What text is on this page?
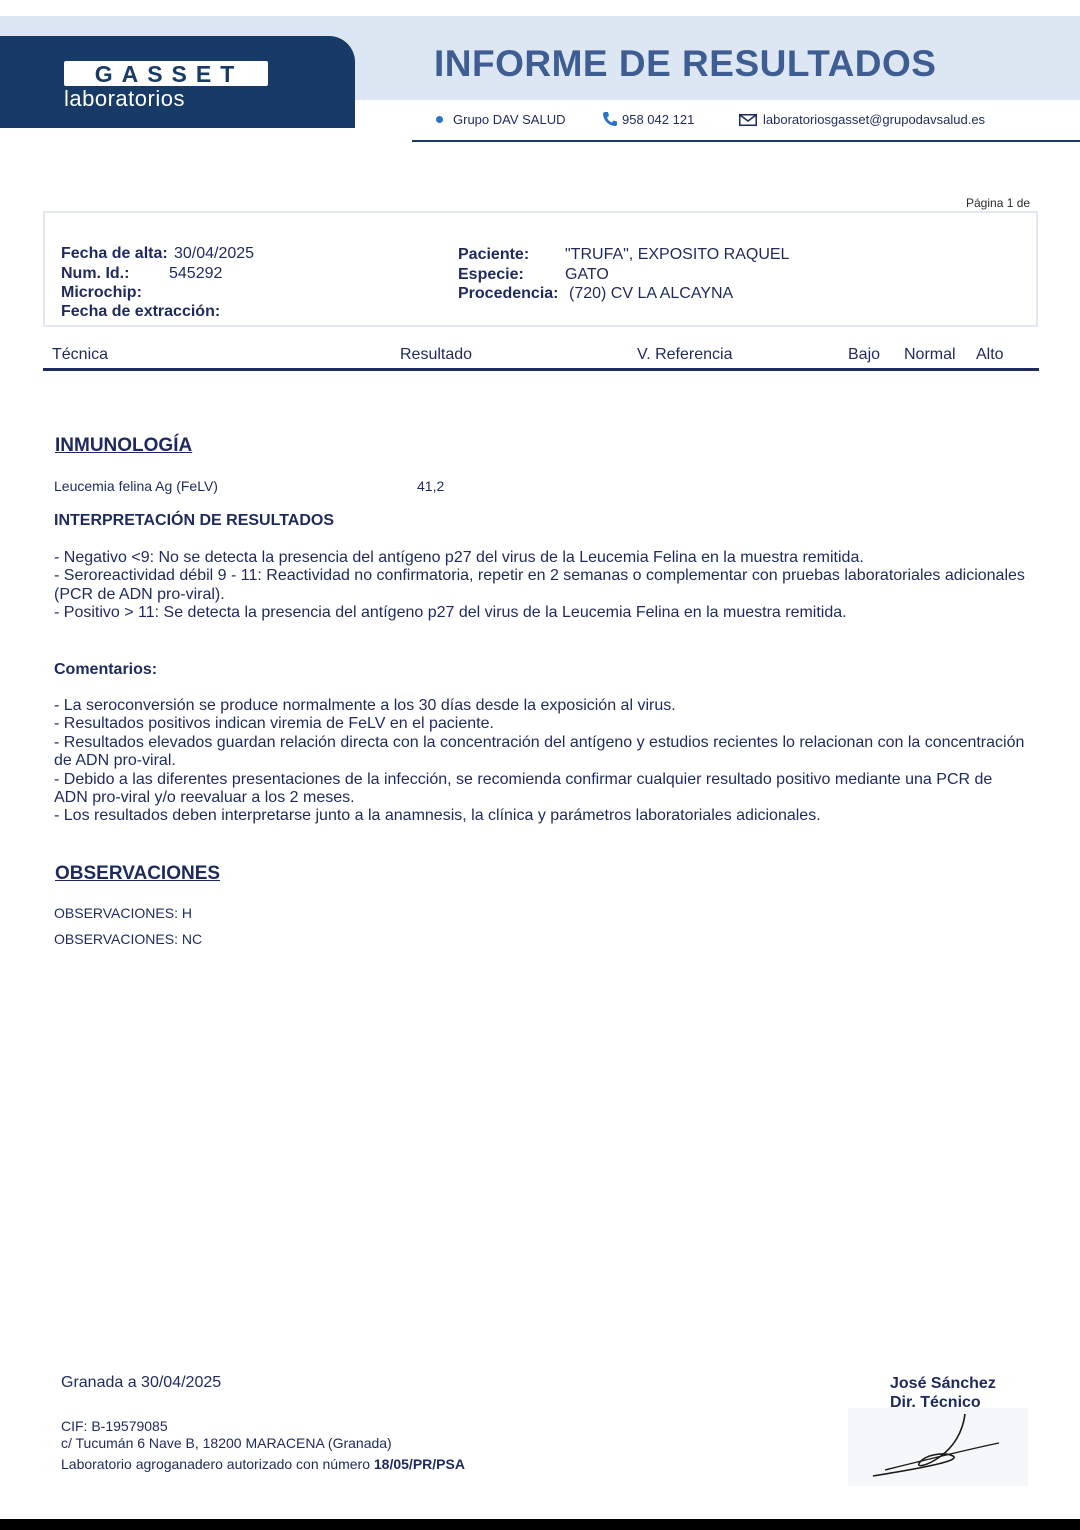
GASSET
laboratorios
INFORME DE RESULTADOS
Grupo DAV SALUD	958 042 121	laboratoriosgasset@grupodavsalud.es
Página 1 de
Fecha de alta: 30/04/2025
Num. Id.: 545292
Microchip:
Fecha de extracción:
Paciente: "TRUFA", EXPOSITO RAQUEL
Especie:	GATO
Procedencia: (720) CV LA ALCAYNA
Técnica	Resultado	V. Referencia	Bajo Normal Alto
INMUNOLOGÍA
Leucemia felina Ag (FeLV)	41,2
INTERPRETACIÓN DE RESULTADOS
- Negativo <9: No se detecta la presencia del antígeno p27 del virus de la Leucemia Felina en la muestra remitida.
- Seroreactividad débil 9 - 11: Reactividad no confirmatoria, repetir en 2 semanas o complementar con pruebas laboratoriales adicionales
(PCR de ADN pro-viral).
- Positivo > 11: Se detecta la presencia del antígeno p27 del virus de la Leucemia Felina en la muestra remitida.
Comentarios:
- La seroconversión se produce normalmente a los 30 días desde la exposición al virus.
- Resultados positivos indican viremia de FeLV en el paciente.
- Resultados elevados guardan relación directa con la concentración del antígeno y estudios recientes lo relacionan con la concentración
de ADN pro-viral.
- Debido a las diferentes presentaciones de la infección, se recomienda confirmar cualquier resultado positivo mediante una PCR de
ADN pro-viral y/o reevaluar a los 2 meses.
- Los resultados deben interpretarse junto a la anamnesis, la clínica y parámetros laboratoriales adicionales.
OBSERVACIONES
OBSERVACIONES: H
OBSERVACIONES: NC
Granada a 30/04/2025
CIF: B-19579085
c/ Tucumán 6 Nave B, 18200 MARACENA (Granada)
Laboratorio agroganadero autorizado con número 18/05/PR/PSA
José Sánchez
Dir. Técnico
